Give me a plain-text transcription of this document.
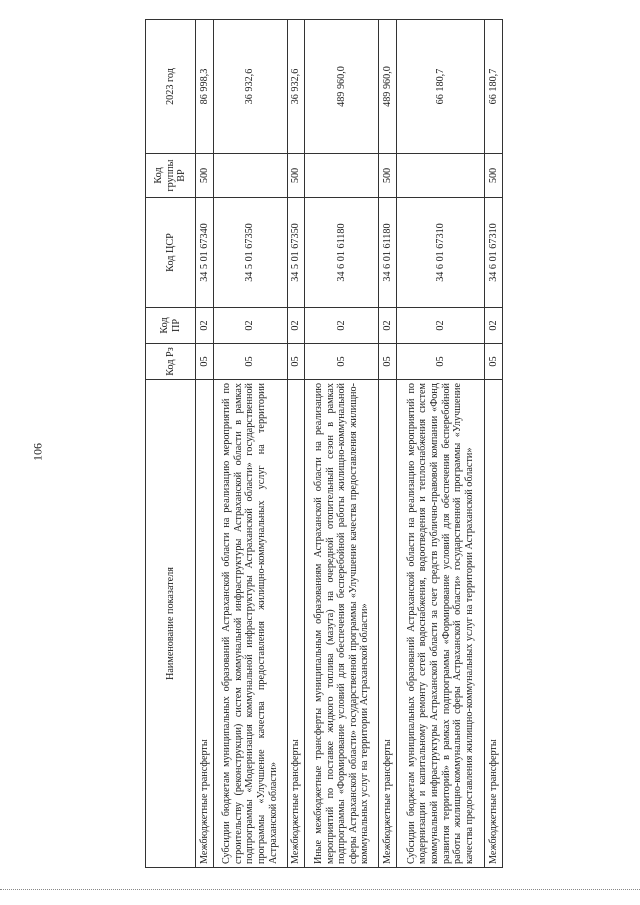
106
Наименование показателя	Код Рз	Код ПР	Код ЦСР	Код группы ВР	2023 год
Межбюджетные трансферты	05	02	34 5 01 67340	500	86 998,3
Субсидии бюджетам муниципальных образований Астраханской области на реализацию мероприятий по строительству (реконструкции) систем коммунальной инфраструктуры Астраханской области в рамках подпрограммы «Модернизация коммунальной инфраструктуры Астраханской области» государственной программы «Улучшение качества предоставления жилищно-коммунальных услуг на территории Астраханской области»	05	02	34 5 01 67350		36 932,6
Межбюджетные трансферты	05	02	34 5 01 67350	500	36 932,6
Иные межбюджетные трансферты муниципальным образованиям Астраханской области на реализацию мероприятий по поставке жидкого топлива (мазута) на очередной отопительный сезон в рамках подпрограммы «Формирование условий для обеспечения бесперебойной работы жилищно-коммунальной сферы Астраханской области» государственной программы «Улучшение качества предоставления жилищно-коммунальных услуг на территории Астраханской области»	05	02	34 6 01 61180		489 960,0
Межбюджетные трансферты	05	02	34 6 01 61180	500	489 960,0
Субсидии бюджетам муниципальных образований Астраханской области на реализацию мероприятий по модернизации и капитальному ремонту сетей водоснабжения, водоотведения и теплоснабжения систем коммунальной инфраструктуры Астраханской области за счет средств публично-правовой компании «Фонд развития территорий» в рамках подпрограммы «Формирование условий для обеспечения бесперебойной работы жилищно-коммунальной сферы Астраханской области» государственной программы «Улучшение качества предоставления жилищно-коммунальных услуг на территории Астраханской области»	05	02	34 6 01 67310		66 180,7
Межбюджетные трансферты	05	02	34 6 01 67310	500	66 180,7
